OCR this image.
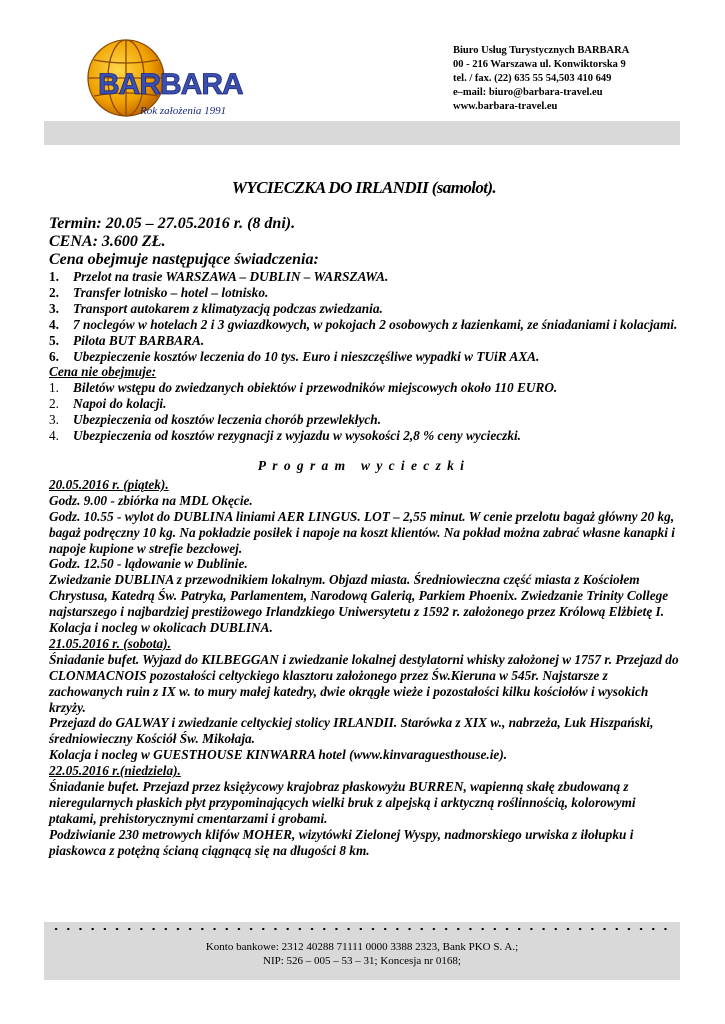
BARBARA
Rok założenia 1991
Biuro Usług Turystycznych BARBARA
00 - 216 Warszawa ul. Konwiktorska 9
tel. / fax. (22) 635 55 54,503 410 649
e–mail: biuro@barbara-travel.eu
www.barbara-travel.eu
WYCIECZKA DO IRLANDII (samolot).
Termin: 20.05 – 27.05.2016 r. (8 dni).
CENA: 3.600 ZŁ.
Cena obejmuje następujące świadczenia:
1. Przelot na trasie WARSZAWA – DUBLIN – WARSZAWA.
2. Transfer lotnisko – hotel – lotnisko.
3. Transport autokarem z klimatyzacją podczas zwiedzania.
4. 7 noclegów w hotelach 2 i 3 gwiazdkowych, w pokojach 2 osobowych z łazienkami, ze śniadaniami i kolacjami.
5. Pilota BUT BARBARA.
6. Ubezpieczenie kosztów leczenia do 10 tys. Euro i nieszczęśliwe wypadki w TUiR AXA.
Cena nie obejmuje:
1. Biletów wstępu do zwiedzanych obiektów i przewodników miejscowych około 110 EURO.
2. Napoi do kolacji.
3. Ubezpieczenia od kosztów leczenia chorób przewlekłych.
4. Ubezpieczenia od kosztów rezygnacji z wyjazdu w wysokości 2,8 % ceny wycieczki.
Program wycieczki
20.05.2016 r. (piątek).

Godz. 9.00 - zbiórka na MDL Okęcie.

Godz. 10.55 - wylot do DUBLINA liniami AER LINGUS. LOT – 2,55 minut. W cenie przelotu bagaż główny 20 kg, bagaż podręczny 10 kg. Na pokładzie posiłek i napoje na koszt klientów. Na pokład można zabrać własne kanapki i napoje kupione w strefie bezcłowej.

Godz. 12.50 - lądowanie w Dublinie.

Zwiedzanie DUBLINA z przewodnikiem lokalnym. Objazd miasta. Średniowieczna część miasta z Kościołem Chrystusa, Katedrą Św. Patryka, Parlamentem, Narodową Galerią, Parkiem Phoenix. Zwiedzanie Trinity College najstarszego i najbardziej prestiżowego Irlandzkiego Uniwersytetu z 1592 r. założonego przez Królową Elżbietę I. Kolacja i nocleg w okolicach DUBLINA.

21.05.2016 r. (sobota).

Śniadanie bufet. Wyjazd do KILBEGGAN i zwiedzanie lokalnej destylatorni whisky założonej w 1757 r. Przejazd do CLONMACNOIS pozostałości celtyckiego klasztoru założonego przez Św.Kieruna w 545r. Najstarsze z zachowanych ruin z IX w. to mury małej katedry, dwie okrągłe wieże i pozostałości kilku kościołów i wysokich krzyży.

Przejazd do GALWAY i zwiedzanie celtyckiej stolicy IRLANDII. Starówka z XIX w., nabrzeża, Luk Hiszpański, średniowieczny Kościół Św. Mikołaja.

Kolacja i nocleg w GUESTHOUSE KINWARRA hotel (www.kinvaraguesthouse.ie).

22.05.2016 r.(niedziela).

Śniadanie bufet. Przejazd przez księżycowy krajobraz płaskowyżu BURREN, wapienną skałę zbudowaną z nieregularnych płaskich płyt przypominających wielki bruk z alpejską i arktyczną roślinnością, kolorowymi ptakami, prehistorycznymi cmentarzami i grobami.

Podziwianie 230 metrowych klifów MOHER, wizytówki Zielonej Wyspy, nadmorskiego urwiska z iłołupku i piaskowca z potężną ścianą ciągnącą się na długości 8 km.

Konto bankowe: 2312 40288 71111 0000 3388 2323, Bank PKO S. A.;
NIP: 526 – 005 – 53 – 31; Koncesja nr 0168;
